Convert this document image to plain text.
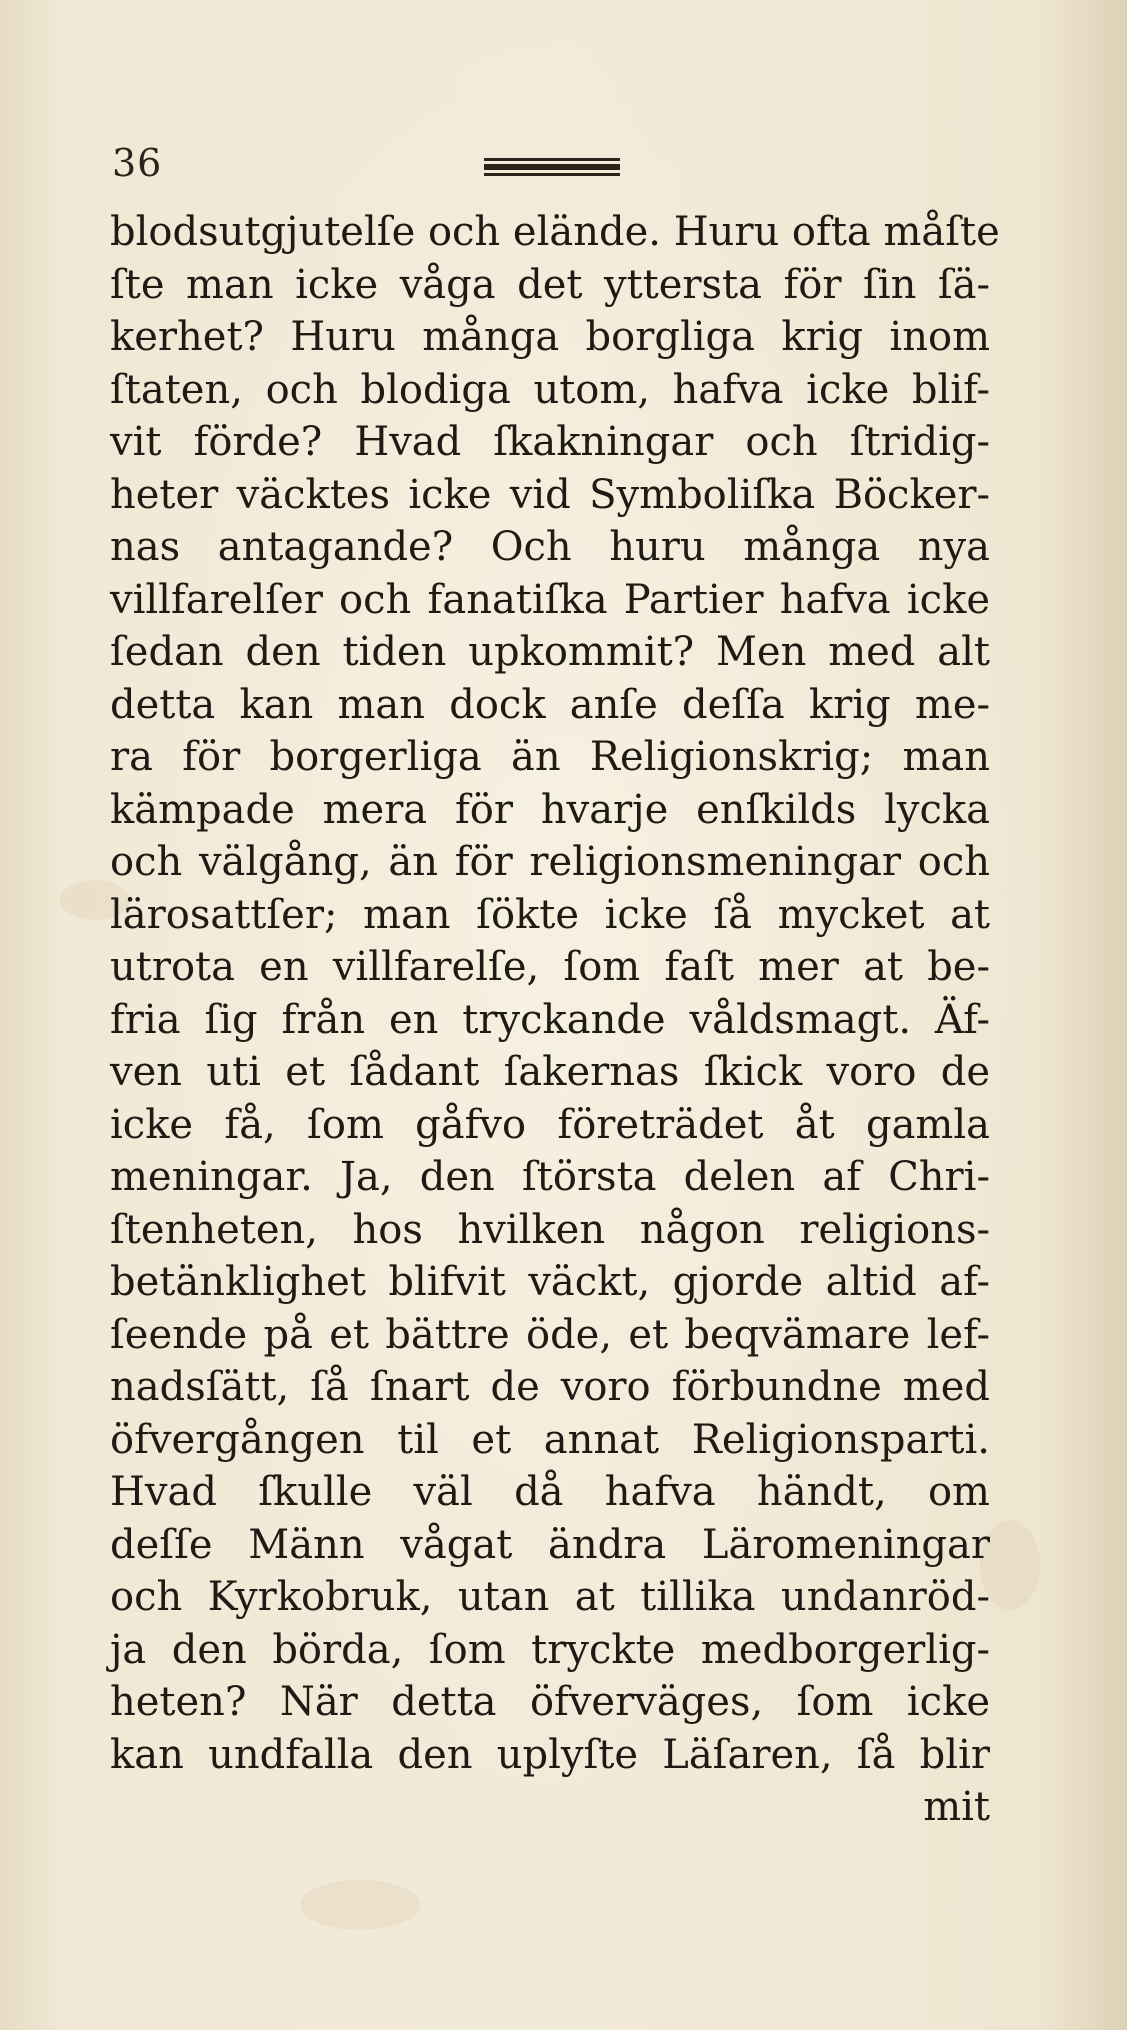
36
blodsutgjutelſe och elände. Huru ofta måſte
ſte man icke våga det yttersta för ſin ſä-
kerhet? Huru många borgliga krig inom
ſtaten, och blodiga utom, hafva icke blif-
vit förde? Hvad ſkakningar och ſtridig-
heter väcktes icke vid Symboliſka Böcker-
nas antagande? Och huru många nya
villfarelſer och fanatiſka Partier hafva icke
ſedan den tiden upkommit? Men med alt
detta kan man dock anſe deſſa krig me-
ra för borgerliga än Religionskrig; man
kämpade mera för hvarje enſkilds lycka
och välgång, än för religionsmeningar och
lärosattſer; man ſökte icke ſå mycket at
utrota en villfarelſe, ſom faſt mer at be-
fria ſig från en tryckande våldsmagt. Äf-
ven uti et ſådant ſakernas ſkick voro de
icke få, ſom gåfvo företrädet åt gamla
meningar. Ja, den ſtörsta delen af Chri-
ſtenheten, hos hvilken någon religions-
betänklighet blifvit väckt, gjorde altid af-
ſeende på et bättre öde, et beqvämare lef-
nadsſätt, ſå ſnart de voro förbundne med
öfvergången til et annat Religionsparti.
Hvad ſkulle väl då hafva händt, om
deſſe Männ vågat ändra Läromeningar
och Kyrkobruk, utan at tillika undanröd-
ja den börda, ſom tryckte medborgerlig-
heten? När detta öfverväges, ſom icke
kan undfalla den uplyſte Läſaren, ſå blir
mit
